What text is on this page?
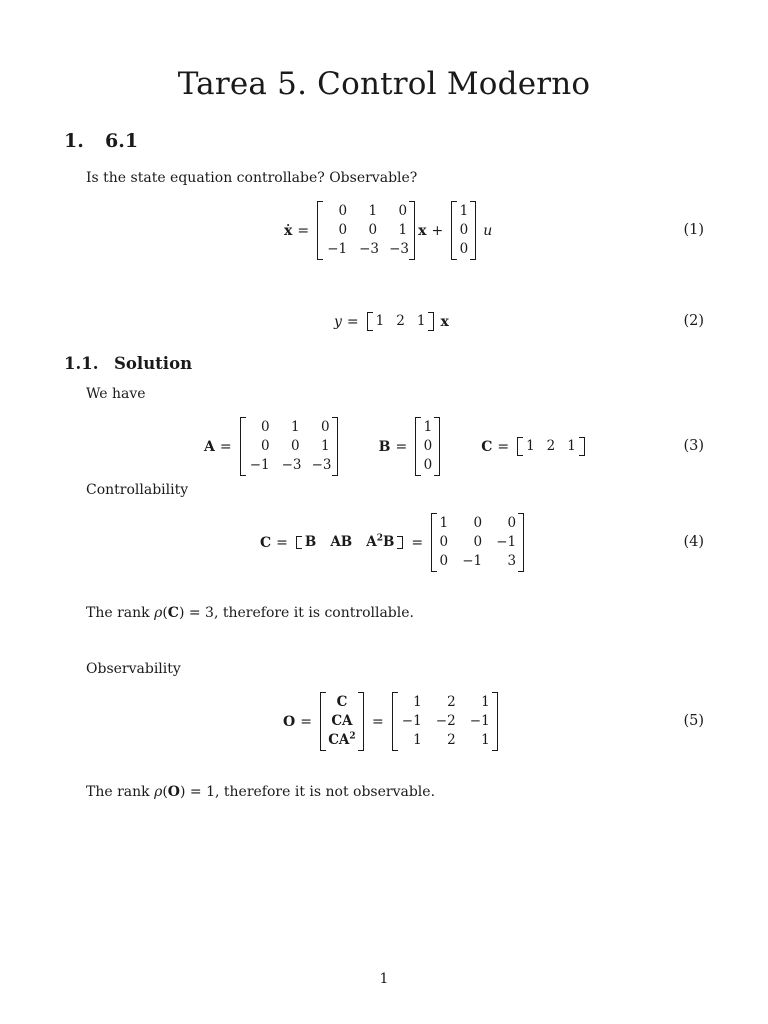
Tarea 5. Control Moderno
1. 6.1
Is the state equation controllabe? Observable?
ẋ =
0	1	0
0	0	1
−1 −3 −3
x +
1
0
0
u	(1)
y = 1 2 1 x	(2)
1.1. Solution
We have
A =
0	1	0
0	0	1
−1 −3 −3
B =
1
0
0
C = 1 2 1	(3)
Controllability
C = B AB $A^2B$ =
1	0	0
0	0 −1
0 −1	3
(4)
The rank ρ(C) = 3, therefore it is controllable.
Observability
O =
C
CA
$CA^2$
=
1	2	1
−1 −2 −1
1	2	1
(5)
The rank ρ(O) = 1, therefore it is not observable.
1
